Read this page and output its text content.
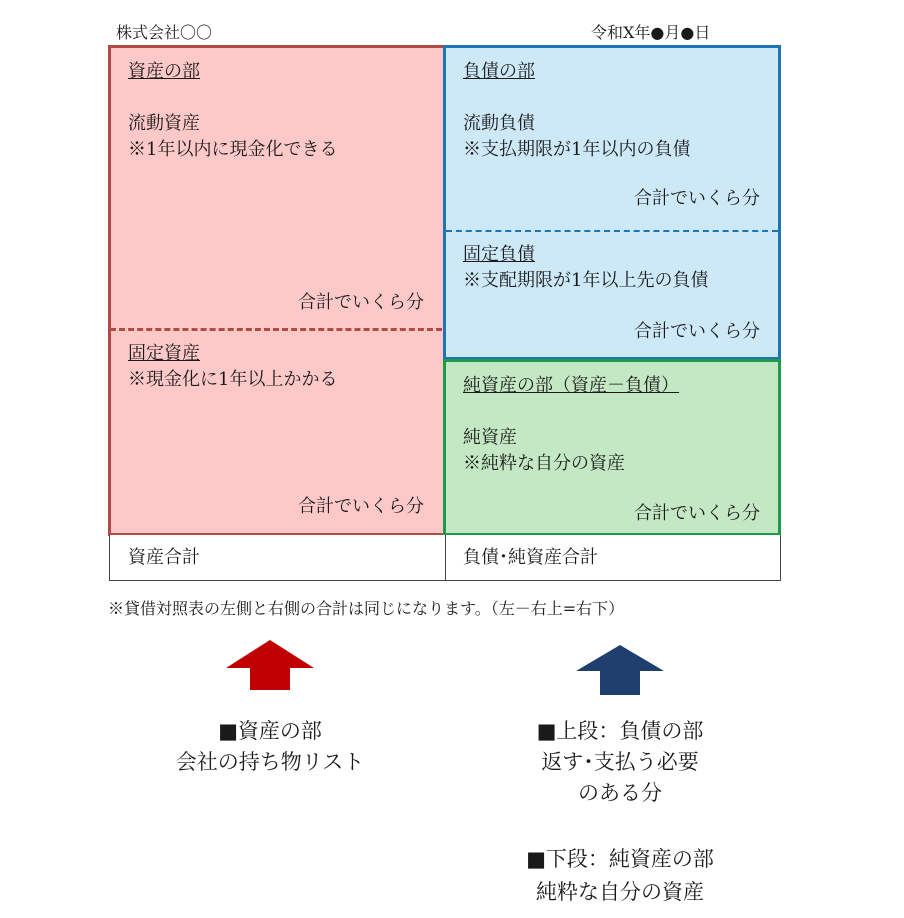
株式会社〇〇	令和X年●月●日
資産の部
流動資産
※1年以内に現金化できる
合計でいくら分
固定資産
※現金化に1年以上かかる
合計でいくら分
負債の部
流動負債
※支払期限が1年以内の負債
合計でいくら分
固定負債
※支配期限が1年以上先の負債
合計でいくら分
純資産の部（資産－負債）
純資産
※純粋な自分の資産
合計でいくら分
資産合計	負債･純資産合計
※貸借対照表の左側と右側の合計は同じになります。（左－右上=右下）
■資産の部
会社の持ち物リスト
■上段：負債の部
返す･支払う必要
のある分
■下段：純資産の部
純粋な自分の資産
